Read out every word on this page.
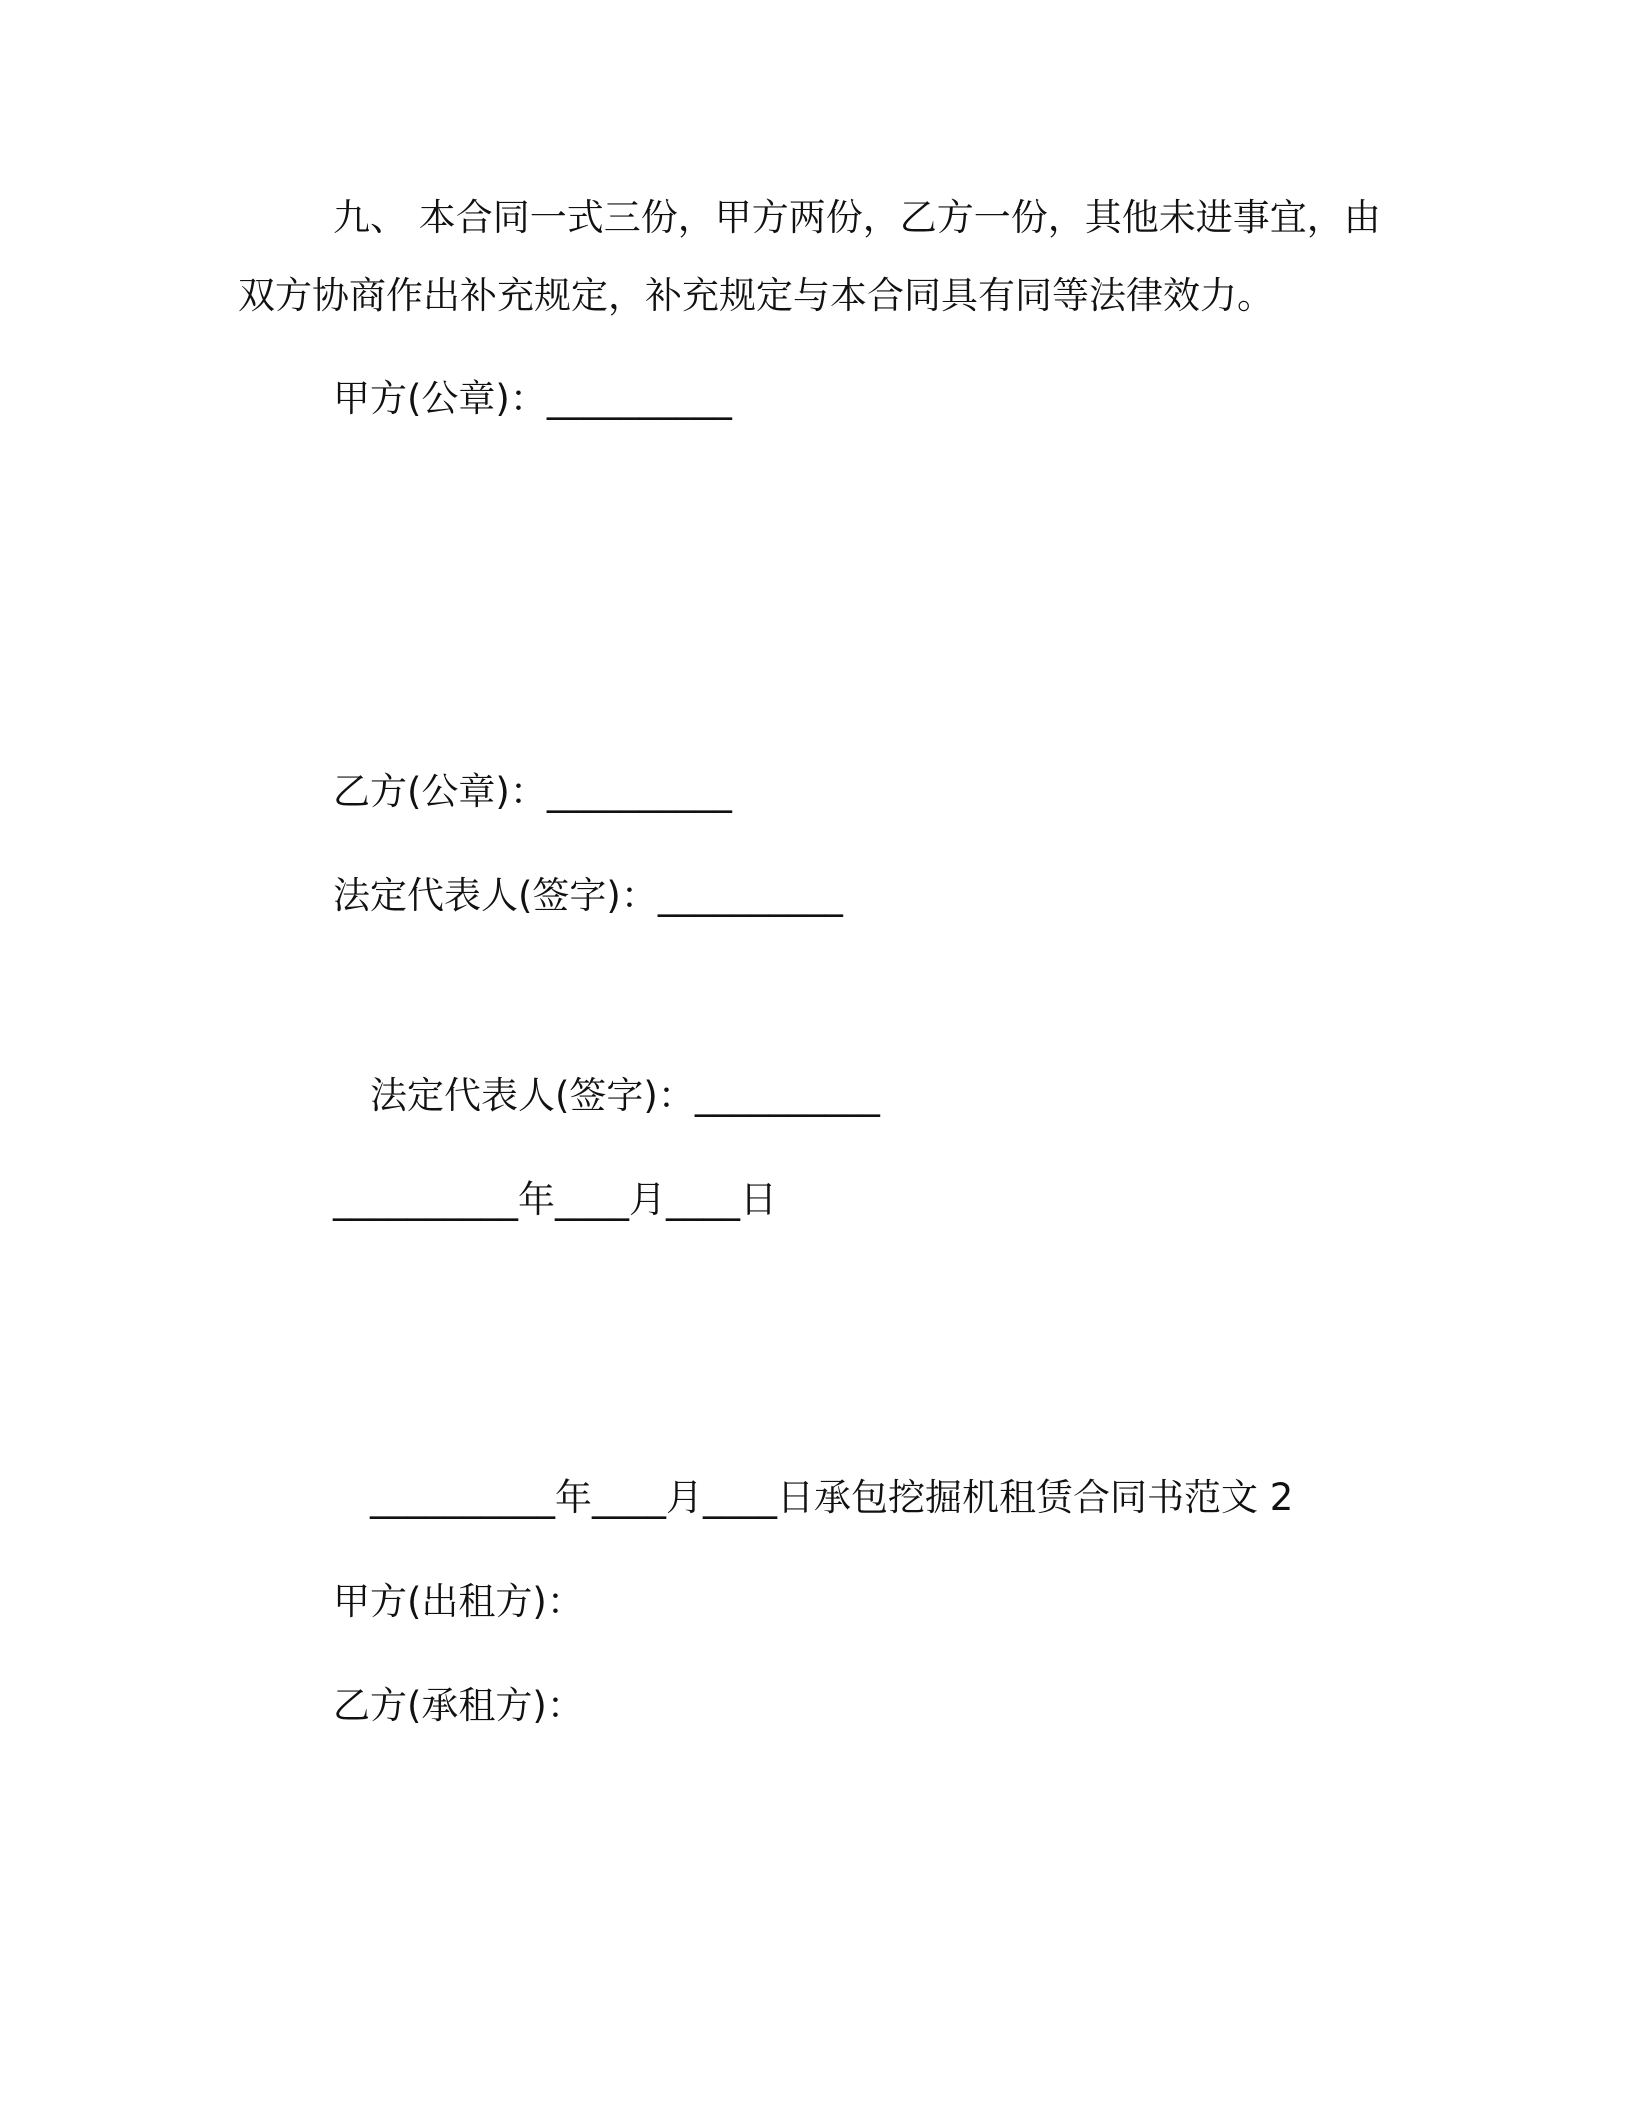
九、 本合同一式三份，甲方两份，乙方一份，其他未进事宜，由
双方协商作出补充规定，补充规定与本合同具有同等法律效力。
甲方(公章)：__________
乙方(公章)：__________
法定代表人(签字)：__________
法定代表人(签字)：__________
__________年____月____日
__________年____月____日承包挖掘机租赁合同书范文 2
甲方(出租方)：
乙方(承租方)：
